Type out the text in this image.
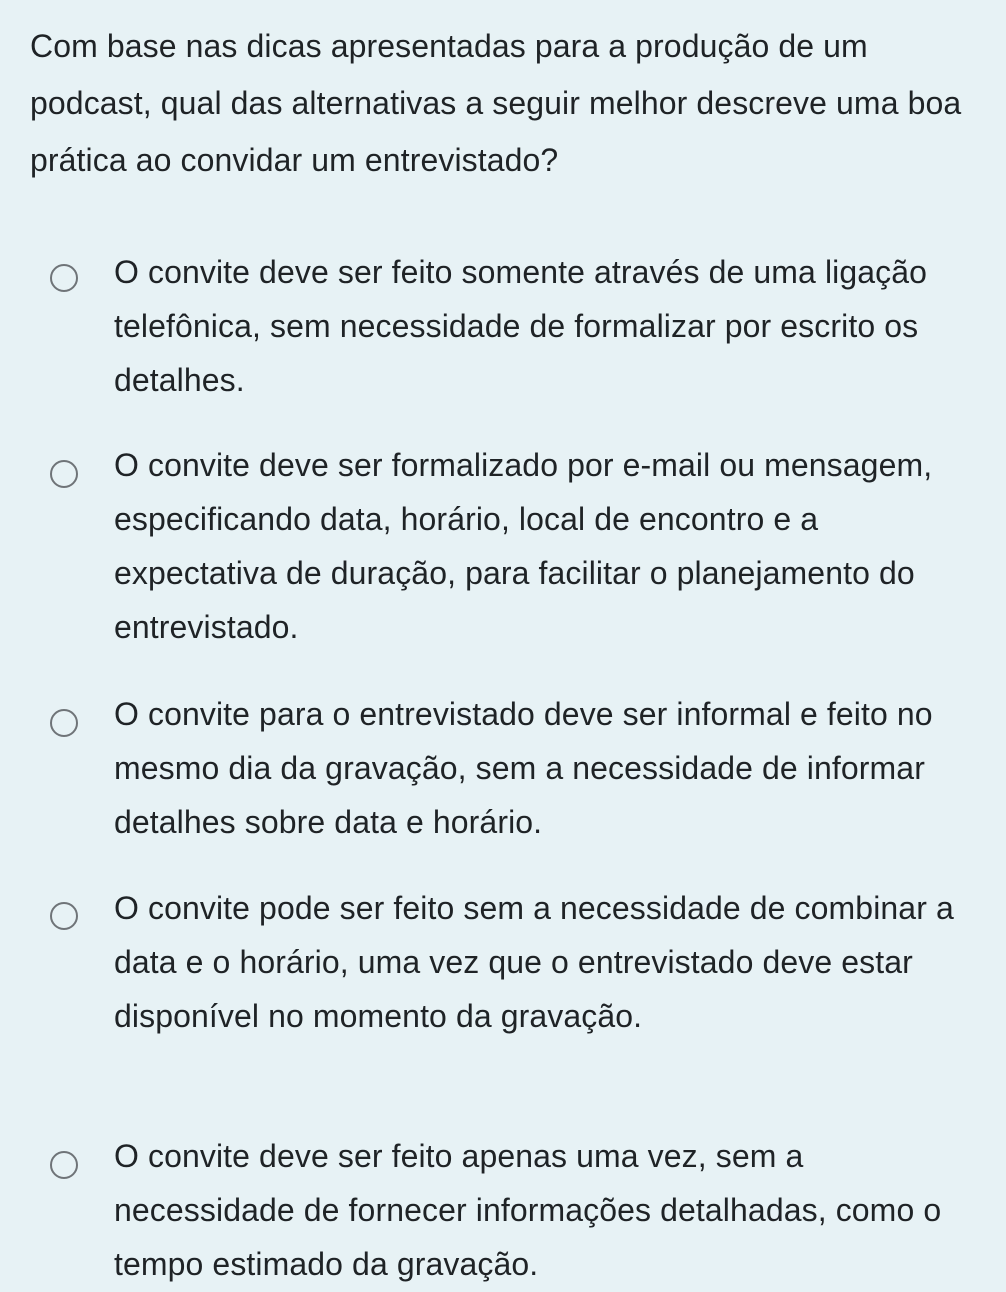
Com base nas dicas apresentadas para a produção de um podcast, qual das alternativas a seguir melhor descreve uma boa prática ao convidar um entrevistado?
O convite deve ser feito somente através de uma ligação telefônica, sem necessidade de formalizar por escrito os detalhes.
O convite deve ser formalizado por e-mail ou mensagem, especificando data, horário, local de encontro e a expectativa de duração, para facilitar o planejamento do entrevistado.
O convite para o entrevistado deve ser informal e feito no mesmo dia da gravação, sem a necessidade de informar detalhes sobre data e horário.
O convite pode ser feito sem a necessidade de combinar a data e o horário, uma vez que o entrevistado deve estar disponível no momento da gravação.
O convite deve ser feito apenas uma vez, sem a necessidade de fornecer informações detalhadas, como o tempo estimado da gravação.
